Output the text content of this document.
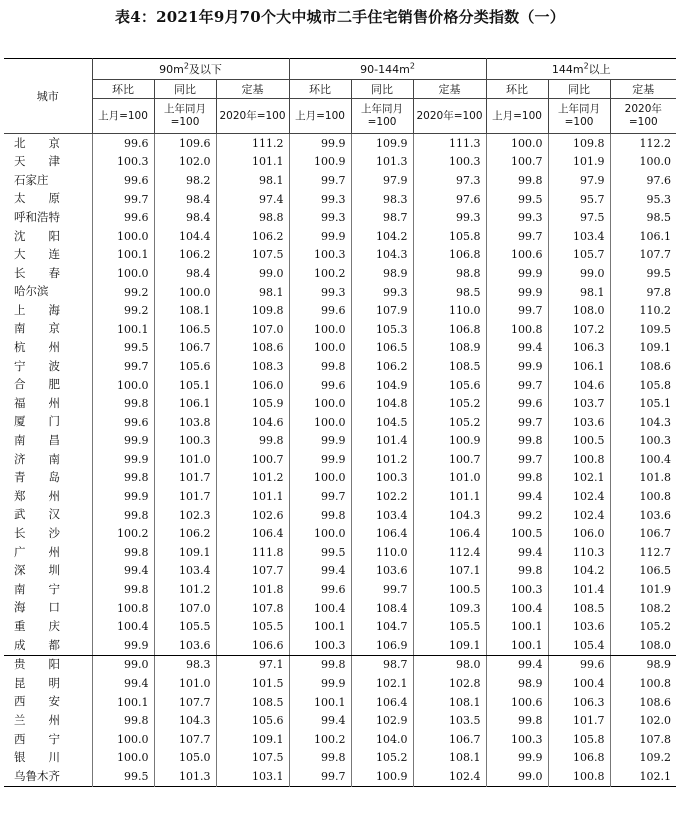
表4：2021年9月70个大中城市二手住宅销售价格分类指数（一）
城市	$90m^2$及以下			$90-144m^2$			$144m^2$以上		
	环比	同比	定基	环比	同比	定基	环比	同比	定基
	上月=100	上年同月=100	2020年=100	上月=100	上年同月=100	2020年=100	上月=100	上年同月=100	2020年=100
北　　京	99.6	109.6	111.2	99.9	109.9	111.3	100.0	109.8	112.2
天　　津	100.3	102.0	101.1	100.9	101.3	100.3	100.7	101.9	100.0
石家庄	99.6	98.2	98.1	99.7	97.9	97.3	99.8	97.9	97.6
太　　原	99.7	98.4	97.4	99.3	98.3	97.6	99.5	95.7	95.3
呼和浩特	99.6	98.4	98.8	99.3	98.7	99.3	99.3	97.5	98.5
沈　　阳	100.0	104.4	106.2	99.9	104.2	105.8	99.7	103.4	106.1
大　　连	100.1	106.2	107.5	100.3	104.3	106.8	100.6	105.7	107.7
长　　春	100.0	98.4	99.0	100.2	98.9	98.8	99.9	99.0	99.5
哈尔滨	99.2	100.0	98.1	99.3	99.3	98.5	99.9	98.1	97.8
上　　海	99.2	108.1	109.8	99.6	107.9	110.0	99.7	108.0	110.2
南　　京	100.1	106.5	107.0	100.0	105.3	106.8	100.8	107.2	109.5
杭　　州	99.5	106.7	108.6	100.0	106.5	108.9	99.4	106.3	109.1
宁　　波	99.7	105.6	108.3	99.8	106.2	108.5	99.9	106.1	108.6
合　　肥	100.0	105.1	106.0	99.6	104.9	105.6	99.7	104.6	105.8
福　　州	99.8	106.1	105.9	100.0	104.8	105.2	99.6	103.7	105.1
厦　　门	99.6	103.8	104.6	100.0	104.5	105.2	99.7	103.6	104.3
南　　昌	99.9	100.3	99.8	99.9	101.4	100.9	99.8	100.5	100.3
济　　南	99.9	101.0	100.7	99.9	101.2	100.7	99.7	100.8	100.4
青　　岛	99.8	101.7	101.2	100.0	100.3	101.0	99.8	102.1	101.8
郑　　州	99.9	101.7	101.1	99.7	102.2	101.1	99.4	102.4	100.8
武　　汉	99.8	102.3	102.6	99.8	103.4	104.3	99.2	102.4	103.6
长　　沙	100.2	106.2	106.4	100.0	106.4	106.4	100.5	106.0	106.7
广　　州	99.8	109.1	111.8	99.5	110.0	112.4	99.4	110.3	112.7
深　　圳	99.4	103.4	107.7	99.4	103.6	107.1	99.8	104.2	106.5
南　　宁	99.8	101.2	101.8	99.6	99.7	100.5	100.3	101.4	101.9
海　　口	100.8	107.0	107.8	100.4	108.4	109.3	100.4	108.5	108.2
重　　庆	100.4	105.5	105.5	100.1	104.7	105.5	100.1	103.6	105.2
成　　都	99.9	103.6	106.6	100.3	106.9	109.1	100.1	105.4	108.0
贵　　阳	99.0	98.3	97.1	99.8	98.7	98.0	99.4	99.6	98.9
昆　　明	99.4	101.0	101.5	99.9	102.1	102.8	98.9	100.4	100.8
西　　安	100.1	107.7	108.5	100.1	106.4	108.1	100.6	106.3	108.6
兰　　州	99.8	104.3	105.6	99.4	102.9	103.5	99.8	101.7	102.0
西　　宁	100.0	107.7	109.1	100.2	104.0	106.7	100.3	105.8	107.8
银　　川	100.0	105.0	107.5	99.8	105.2	108.1	99.9	106.8	109.2
乌鲁木齐	99.5	101.3	103.1	99.7	100.9	102.4	99.0	100.8	102.1
